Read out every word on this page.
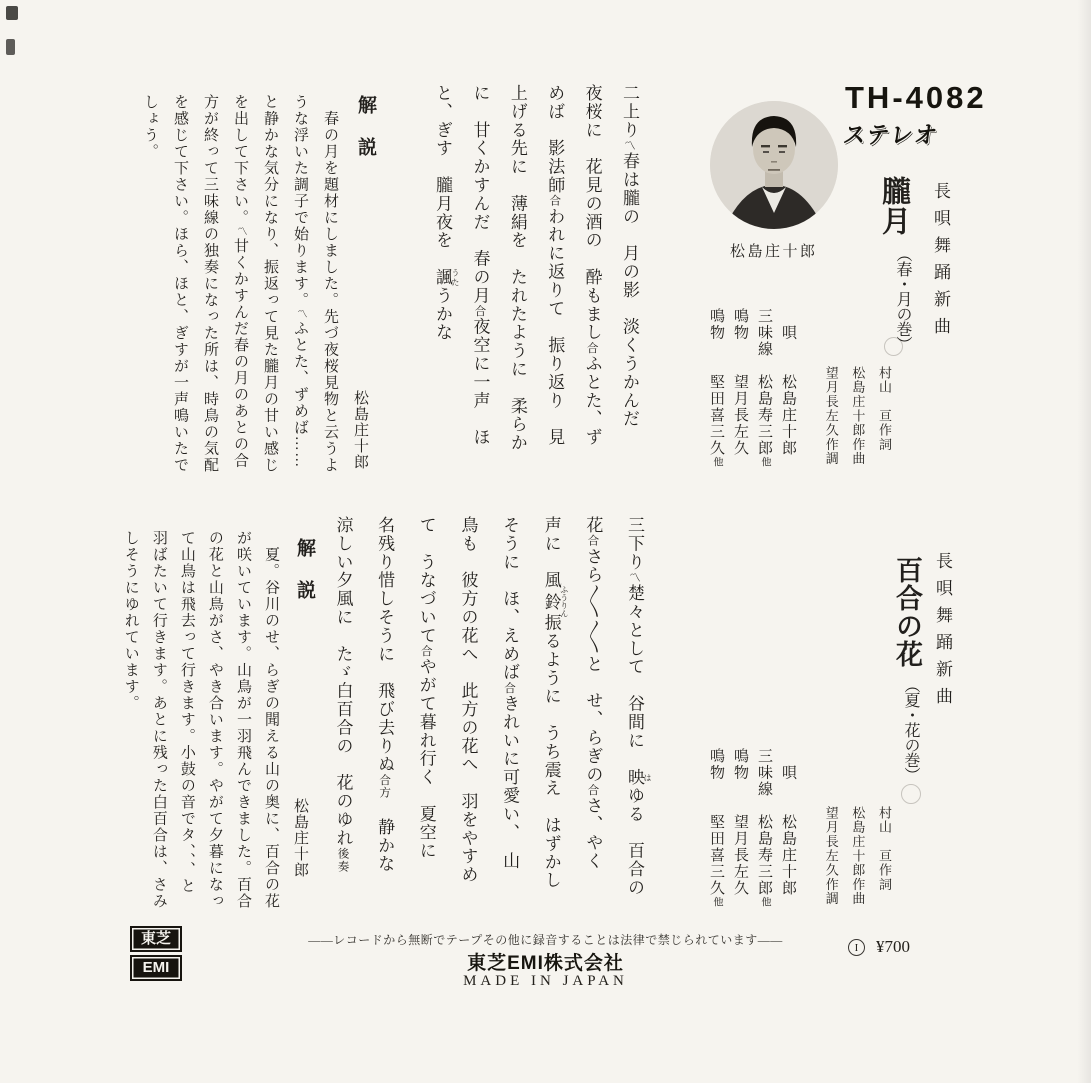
TH-4082
ステレオ
松島庄十郎	長唄舞踊新曲
朧月
（春・月の巻）
村山　亘作詞
松島庄十郎作曲
望月長左久作調
　唄　　松島庄十郎
三味線　松島寿三郎他
鳴物　　望月長左久
鳴物　　堅田喜三久他
二上り〽春は朧の　月の影　淡くうかんだ
夜桜に　花見の酒の　酔もまし合ふとた、ず
めば　影法師合われに返りて　振り返り　見
上げる先に　薄絹を　たれたように　柔らか
に　甘くかすんだ　春の月合夜空に一声　ほ
と、ぎす　朧月夜を　諷 うたうかな
解　説
松島庄十郎
　春の月を題材にしました。先づ夜桜見物と云うよ
うな浮いた調子で始ります。〽ふとた、ずめば……
と静かな気分になり、振返って見た朧月の甘い感じ
を出して下さい。〽甘くかすんだ春の月のあとの合
方が終って三味線の独奏になった所は、時鳥の気配
を感じて下さい。ほら、ほと、ぎすが一声鳴いたで
しょう。
長唄舞踊新曲
百合の花
（夏・花の巻）
村山　亘作詞
松島庄十郎作曲
望月長左久作調
　唄　　松島庄十郎
三味線　松島寿三郎他
鳴物　　望月長左久
鳴物　　堅田喜三久他
三下り〽楚々として　谷間に　映 はゆる　百合の
花合さら〳〵〳〵と　せ、らぎの合さ、やく
声に　風鈴 ふうりん振るように　うち震え　はずかし
そうに　ほ、えめば合きれいに可愛い、　山
鳥も　彼方の花へ　此方の花へ　羽をやすめ
て　うなづいて合やがて暮れ行く　夏空に
名残り惜しそうに　飛び去りぬ合方　静かな
涼しい夕風に　たゞ白百合の　花のゆれ後奏
解　説
松島庄十郎
　夏。谷川のせ、らぎの聞える山の奥に、百合の花
が咲いています。山鳥が一羽飛んできました。百合
の花と山鳥がさ、やき合います。やがて夕暮になっ
て山鳥は飛去って行きます。小鼓の音でタ、、、と
羽ばたいて行きます。あとに残った白百合は、さみ
しそうにゆれています。
東芝
EMI
――レコードから無断でテープその他に録音することは法律で禁じられています――
東芝EMI株式会社
MADE IN JAPAN
I	¥700
